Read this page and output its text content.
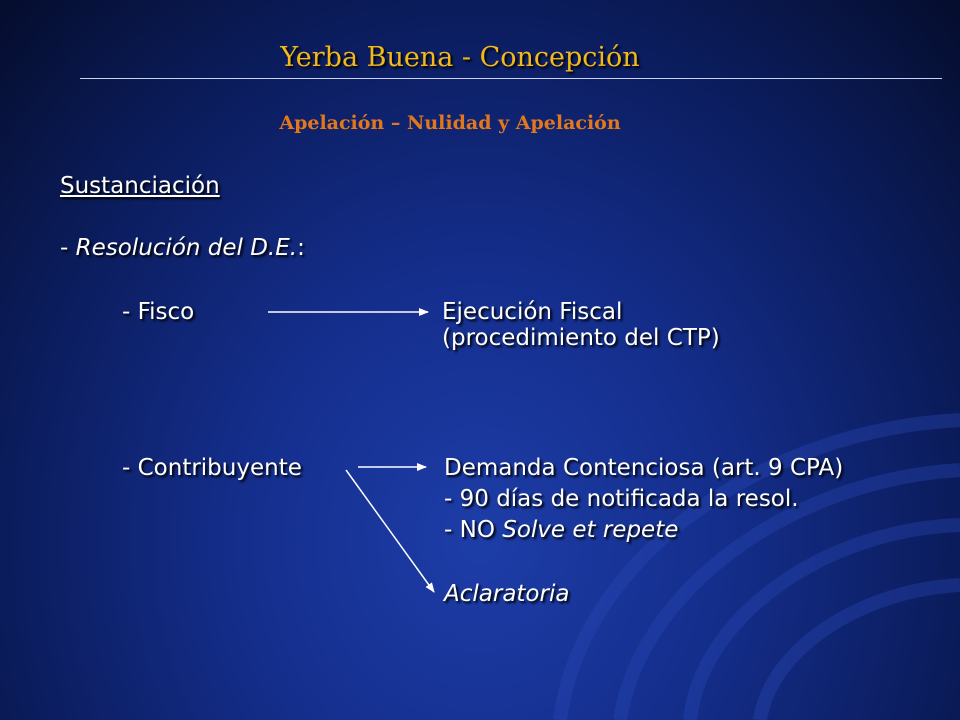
Yerba Buena - Concepción
Apelación – Nulidad y Apelación
Sustanciación
- Resolución del D.E.:
- Fisco	Ejecución Fiscal
(procedimiento del CTP)
- Contribuyente	Demanda Contenciosa (art. 9 CPA)
- 90 días de notificada la resol.
- NO Solve et repete
Aclaratoria
